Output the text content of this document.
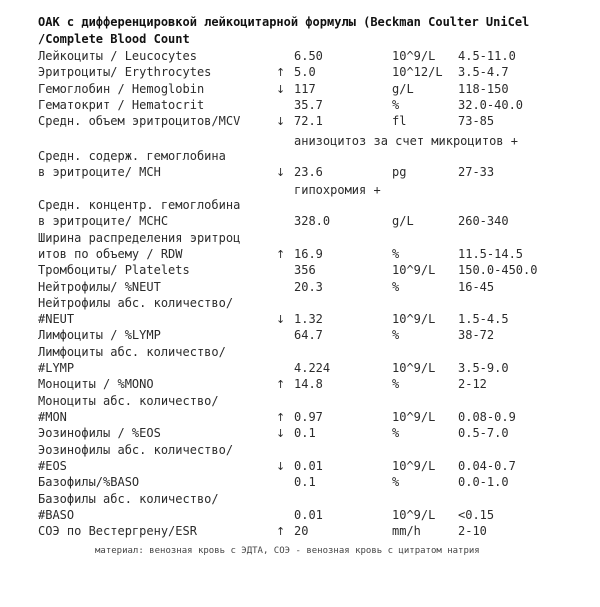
ОАК с дифференцировкой лейкоцитарной формулы (Beckman Coulter UniCel
/Complete Blood Count
Лейкоциты / Leucocytes	6.50	10^9/L 4.5-11.0
Эритроциты/ Erythrocytes	↑ 5.0	10^12/L 3.5-4.7
Гемоглобин / Hemoglobin	↓ 117	g/L	118-150
Гематокрит / Hematocrit	35.7	%	32.0-40.0
Средн. объем эритроцитов/MCV	↓ 72.1	fl	73-85
Средн. содерж. гемоглобина
в эритроците/ MCH	↓ 23.6	pg	27-33
Средн. концентр. гемоглобина
в эритроците/ MCHC	328.0	g/L	260-340
Ширина распределения эритроц
итов по объему / RDW	↑ 16.9	%	11.5-14.5
Тромбоциты/ Platelets	356	10^9/L 150.0-450.0
Нейтрофилы/ %NEUT	20.3	%	16-45
Нейтрофилы абс. количество/
#NEUT	↓ 1.32	10^9/L 1.5-4.5
Лимфоциты / %LYMP	64.7	%	38-72
Лимфоциты абс. количество/
#LYMP	4.224	10^9/L 3.5-9.0
Моноциты / %MONO	↑ 14.8	%	2-12
Моноциты абс. количество/
#MON	↑ 0.97	10^9/L 0.08-0.9
Эозинофилы / %EOS	↓ 0.1	%	0.5-7.0
Эозинофилы абс. количество/
#EOS	↓ 0.01	10^9/L 0.04-0.7
Базофилы/%BASO	0.1	%	0.0-1.0
Базофилы абс. количество/
#BASO	0.01	10^9/L <0.15
СОЭ по Вестергрену/ESR	↑ 20	mm/h	2-10
анизоцитоз за счет микроцитов +
гипохромия +
материал: венозная кровь с ЭДТА, СОЭ - венозная кровь с цитратом натрия
